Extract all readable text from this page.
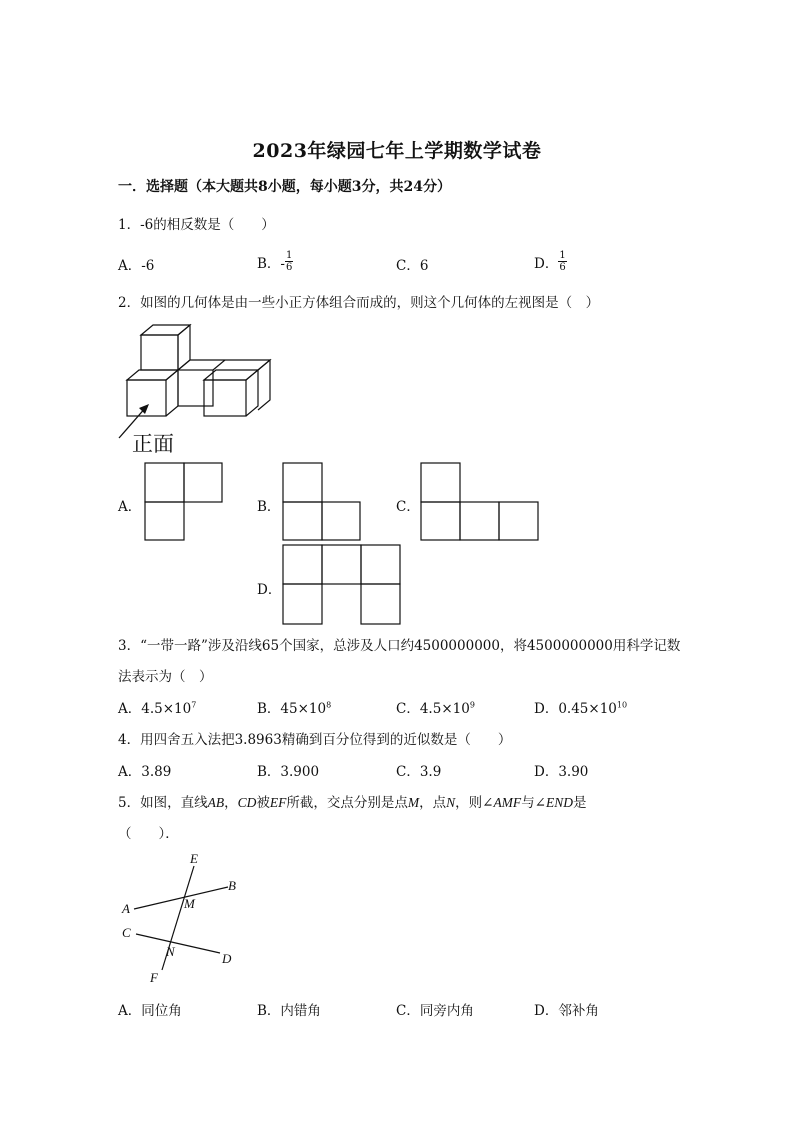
2023年绿园七年上学期数学试卷
一．选择题（本大题共8小题，每小题3分，共24分）
1．-6的相反数是（　　）
A．-6	B．- $\frac{1}{6}$	C．6	D． $\frac{1}{6}$
2．如图的几何体是由一些小正方体组合而成的，则这个几何体的左视图是（　）
正面
A．	B．	C．
D．
3．“一带一路”涉及沿线65个国家，总涉及人口约4500000000，将4500000000用科学记数
法表示为（　）
A．$4.5\times 10^7$	B．$45\times 10^8$	C．$4.5\times 10^9$	D．$0.45\times 10^{10}$
4．用四舍五入法把3.8963精确到百分位得到的近似数是（　　）
A．3.89	B．3.900	C．3.9	D．3.90
5．如图，直线AB，CD被EF所截，交点分别是点M，点N，则∠AMF与∠END是
（　　）．
E
B
A	M
C
N	D
F
A．同位角	B．内错角	C．同旁内角	D．邻补角
